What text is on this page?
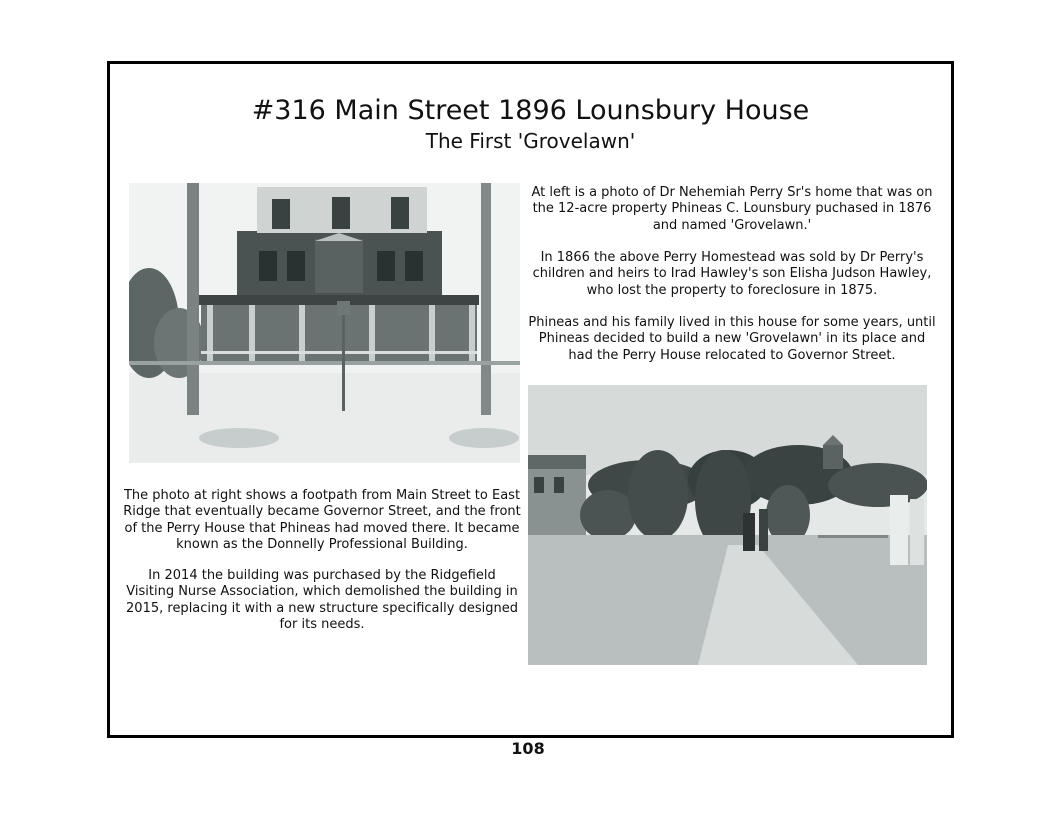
#316 Main Street 1896 Lounsbury House
The First 'Grovelawn'

At left is a photo of Dr Nehemiah Perry Sr's home that was on the 12-acre property Phineas C. Lounsbury puchased in 1876 and named 'Grovelawn.'

In 1866 the above Perry Homestead was sold by Dr Perry's children and heirs to Irad Hawley's son Elisha Judson Hawley, who lost the property to foreclosure in 1875.

Phineas and his family lived in this house for some years, until Phineas decided to build a new 'Grovelawn' in its place and had the Perry House relocated to Governor Street.

The photo at right shows a footpath from Main Street to East Ridge that eventually became Governor Street, and the front of the Perry House that Phineas had moved there. It became known as the Donnelly Professional Building.

In 2014 the building was purchased by the Ridgefield Visiting Nurse Association, which demolished the building in 2015, replacing it with a new structure specifically designed for its needs.

108
